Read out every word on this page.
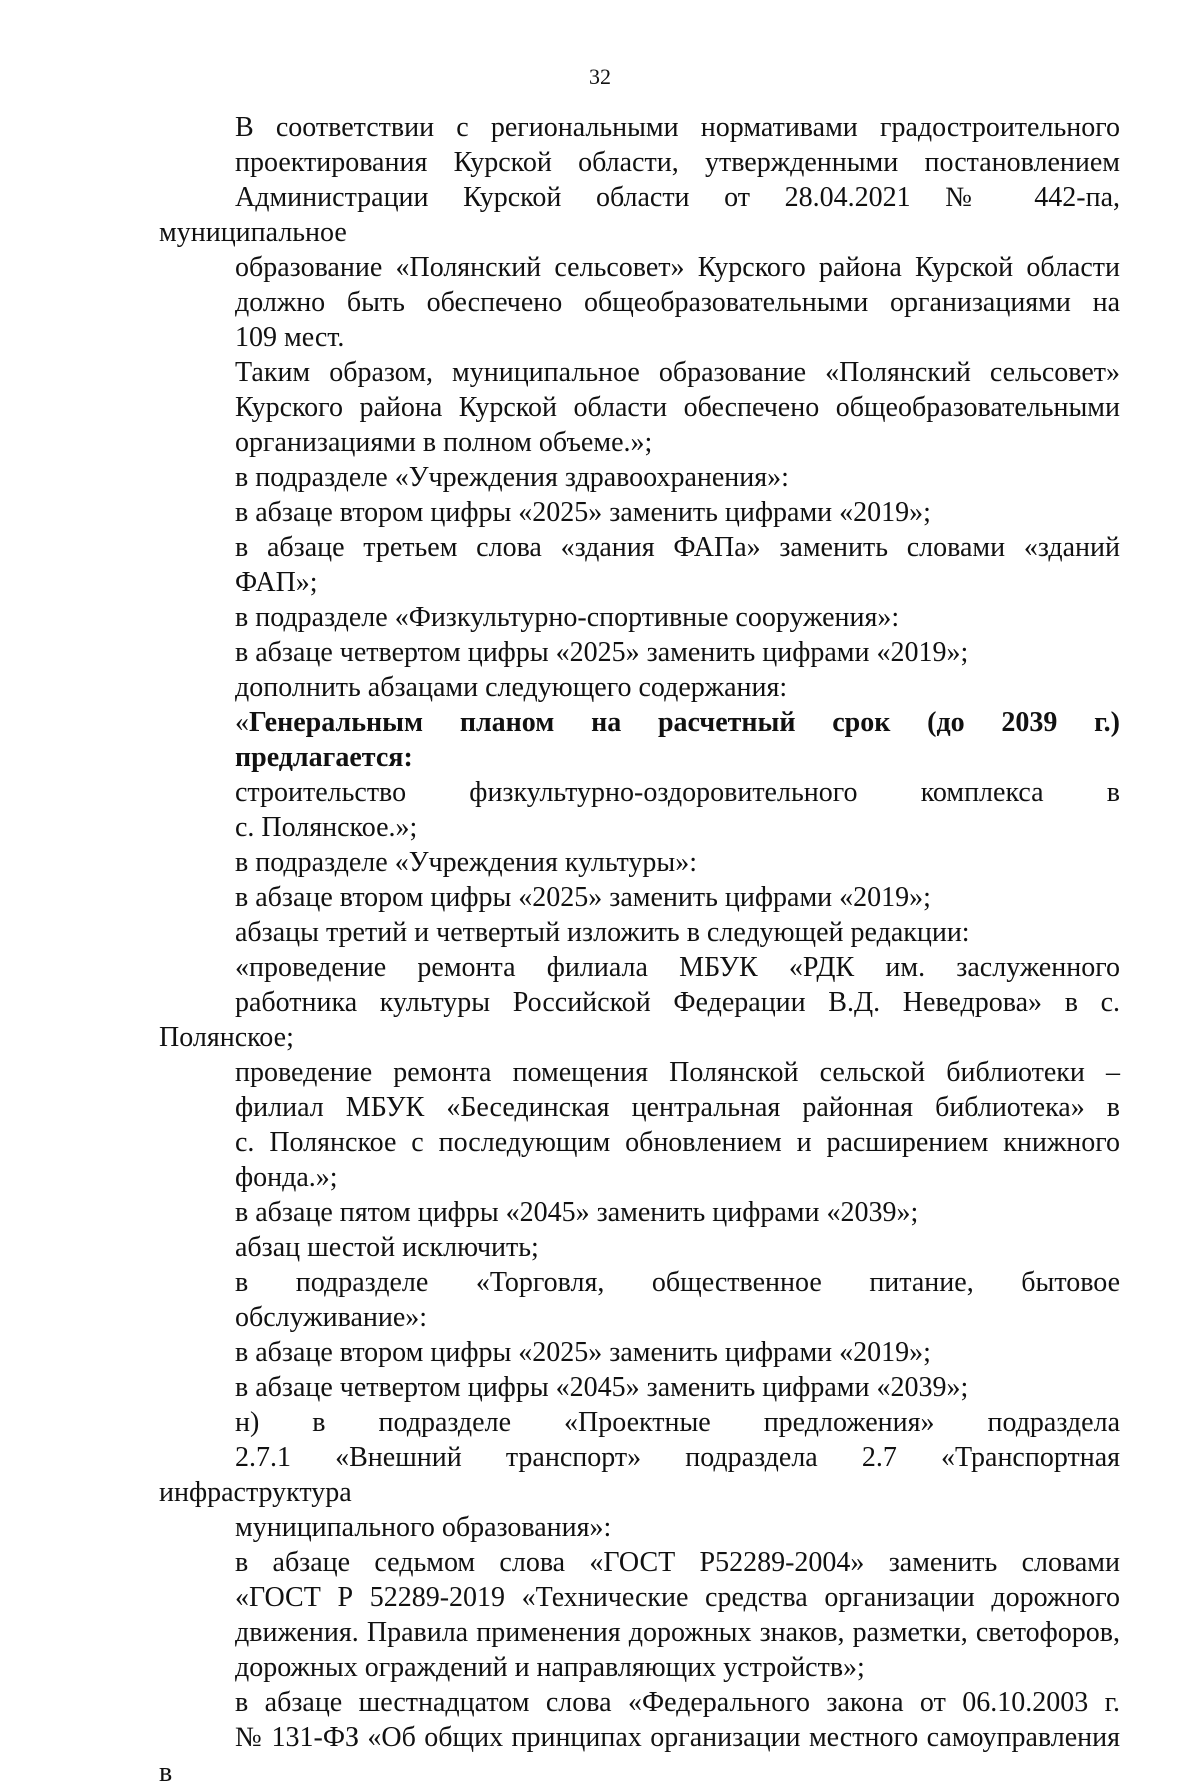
32

В соответствии с региональными нормативами градостроительного
проектирования Курской области, утвержденными постановлением
Администрации Курской области от 28.04.2021 № 442-па, муниципальное
образование «Полянский сельсовет» Курского района Курской области
должно быть обеспечено общеобразовательными организациями на
109 мест.

Таким образом, муниципальное образование «Полянский сельсовет»
Курского района Курской области обеспечено общеобразовательными
организациями в полном объеме.»;

в подразделе «Учреждения здравоохранения»:

в абзаце втором цифры «2025» заменить цифрами «2019»;

в абзаце третьем слова «здания ФАПа» заменить словами «зданий
ФАП»;

в подразделе «Физкультурно-спортивные сооружения»:

в абзаце четвертом цифры «2025» заменить цифрами «2019»;

дополнить абзацами следующего содержания:

«Генеральным планом на расчетный срок (до 2039 г.)
предлагается:

строительство физкультурно-оздоровительного комплекса в
с. Полянское.»;

в подразделе «Учреждения культуры»:

в абзаце втором цифры «2025» заменить цифрами «2019»;

абзацы третий и четвертый изложить в следующей редакции:

«проведение ремонта филиала МБУК «РДК им. заслуженного
работника культуры Российской Федерации В.Д. Неведрова» в с. Полянское;

проведение ремонта помещения Полянской сельской библиотеки –
филиал МБУК «Бесединская центральная районная библиотека» в
с. Полянское с последующим обновлением и расширением книжного
фонда.»;

в абзаце пятом цифры «2045» заменить цифрами «2039»;

абзац шестой исключить;

в подразделе «Торговля, общественное питание, бытовое
обслуживание»:

в абзаце втором цифры «2025» заменить цифрами «2019»;

в абзаце четвертом цифры «2045» заменить цифрами «2039»;

н) в подразделе «Проектные предложения» подраздела
2.7.1 «Внешний транспорт» подраздела 2.7 «Транспортная инфраструктура
муниципального образования»:

в абзаце седьмом слова «ГОСТ Р52289-2004» заменить словами
«ГОСТ Р 52289-2019 «Технические средства организации дорожного
движения. Правила применения дорожных знаков, разметки, светофоров,
дорожных ограждений и направляющих устройств»;

в абзаце шестнадцатом слова «Федерального закона от 06.10.2003 г.
№ 131-ФЗ «Об общих принципах организации местного самоуправления в
